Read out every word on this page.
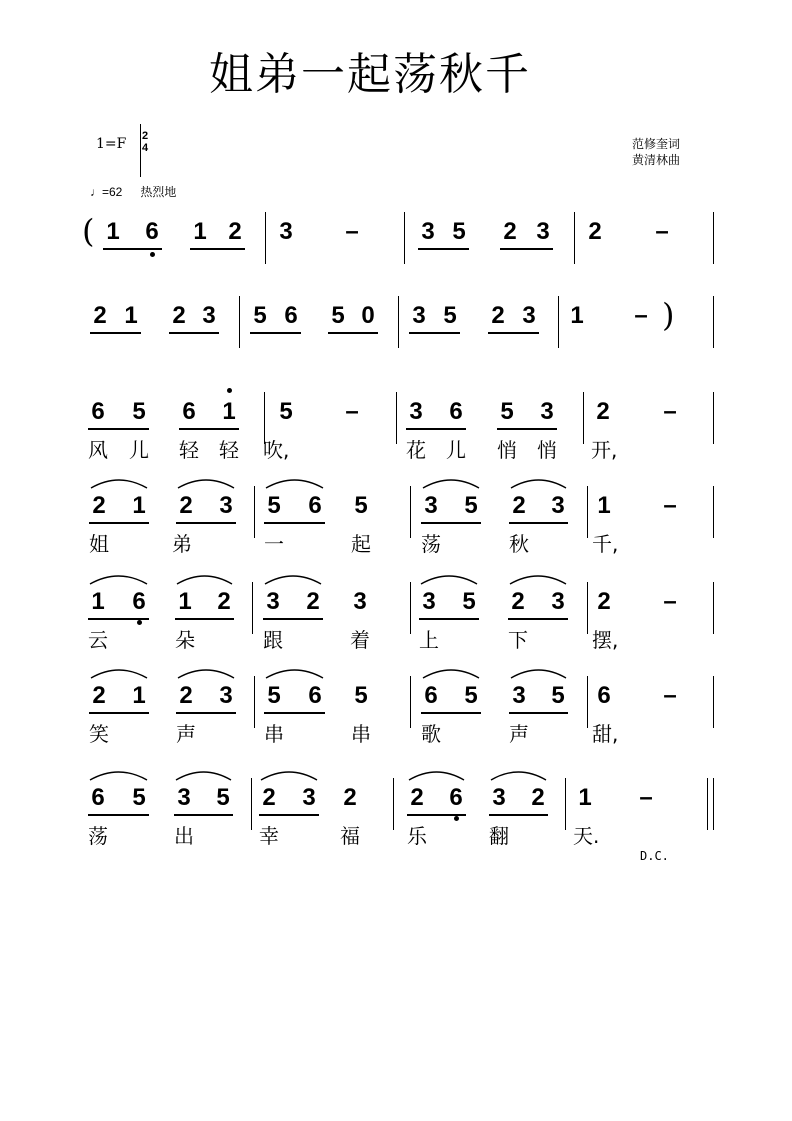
姐弟一起荡秋千
1=F 2
4	范修奎词
黄清林曲
♩=62 热烈地
1 6 1 2 3 –	3 5 2 3 2 –
(
2 1 2 3 5 6 5 0 3 5 2 3 1 – )
6 5 6 1 5 – 3 6 5 3 2 –
风 儿 轻 轻 吹,	花 儿 悄 悄 开,
2 1 2 3 5 6 5 3 5 2 3 1 –
姐	弟	一	起	荡	秋	千,
1 6 1 2 3 2 3 3 5 2 3 2 –
云	朵	跟	着 上	下	摆,
2 1 2 3 5 6 5 6 5 3 5 6 –
笑	声	串	串	歌	声	甜,
6 5 3 5 2 3 2 2 6 3 2 1 –
荡	出	幸	福 乐	翻	天.
D.C.
